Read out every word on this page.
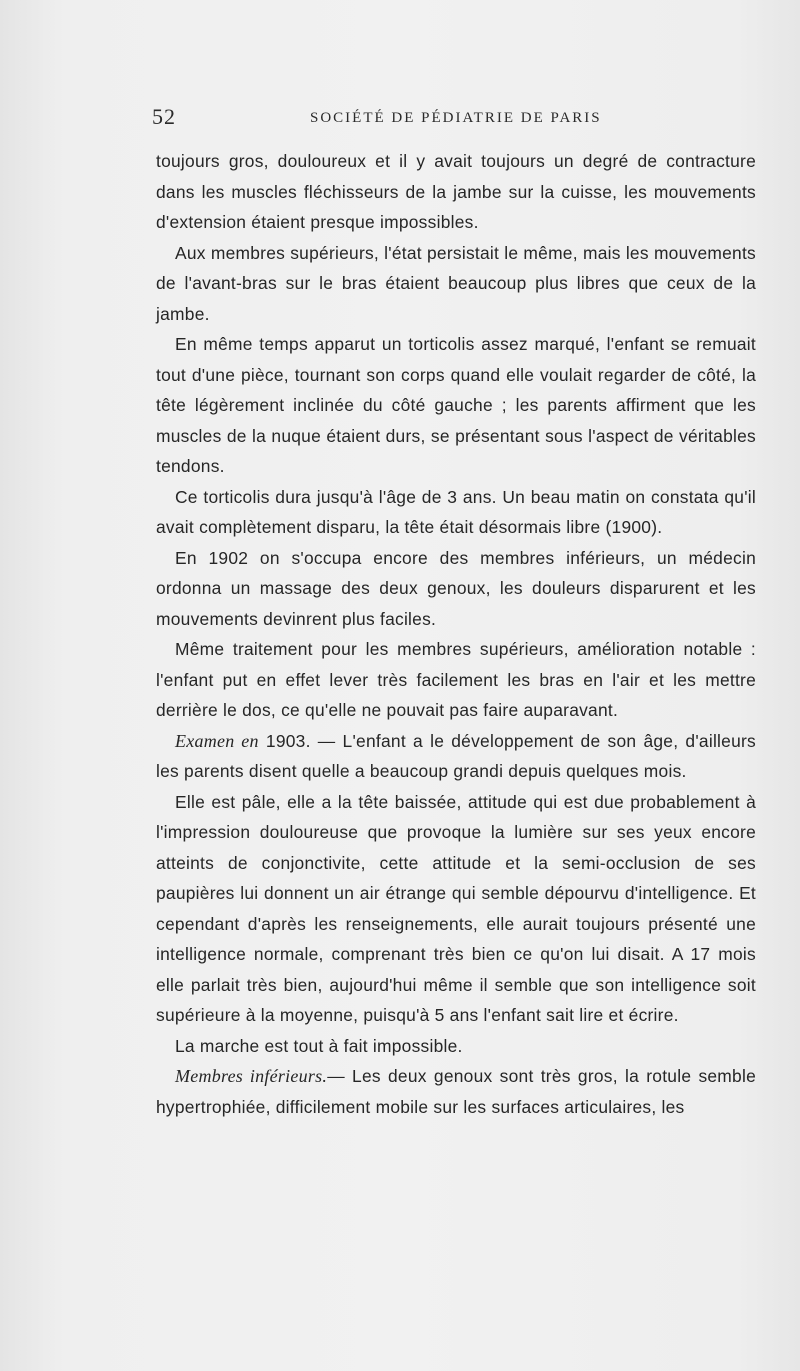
52	SOCIÉTÉ DE PÉDIATRIE DE PARIS

toujours gros, douloureux et il y avait toujours un degré de contracture dans les muscles fléchisseurs de la jambe sur la cuisse, les mouvements d'extension étaient presque impossibles.

Aux membres supérieurs, l'état persistait le même, mais les mouvements de l'avant-bras sur le bras étaient beaucoup plus libres que ceux de la jambe.

En même temps apparut un torticolis assez marqué, l'enfant se remuait tout d'une pièce, tournant son corps quand elle voulait regarder de côté, la tête légèrement inclinée du côté gauche ; les parents affirment que les muscles de la nuque étaient durs, se présentant sous l'aspect de véritables tendons.

Ce torticolis dura jusqu'à l'âge de 3 ans. Un beau matin on constata qu'il avait complètement disparu, la tête était désormais libre (1900).

En 1902 on s'occupa encore des membres inférieurs, un médecin ordonna un massage des deux genoux, les douleurs disparurent et les mouvements devinrent plus faciles.

Même traitement pour les membres supérieurs, amélioration notable : l'enfant put en effet lever très facilement les bras en l'air et les mettre derrière le dos, ce qu'elle ne pouvait pas faire auparavant.

Examen en 1903. — L'enfant a le développement de son âge, d'ailleurs les parents disent quelle a beaucoup grandi depuis quelques mois.

Elle est pâle, elle a la tête baissée, attitude qui est due probablement à l'impression douloureuse que provoque la lumière sur ses yeux encore atteints de conjonctivite, cette attitude et la semi-occlusion de ses paupières lui donnent un air étrange qui semble dépourvu d'intelligence. Et cependant d'après les renseignements, elle aurait toujours présenté une intelligence normale, comprenant très bien ce qu'on lui disait. A 17 mois elle parlait très bien, aujourd'hui même il semble que son intelligence soit supérieure à la moyenne, puisqu'à 5 ans l'enfant sait lire et écrire.

La marche est tout à fait impossible.

Membres inférieurs.— Les deux genoux sont très gros, la rotule semble hypertrophiée, difficilement mobile sur les surfaces articulaires, les
